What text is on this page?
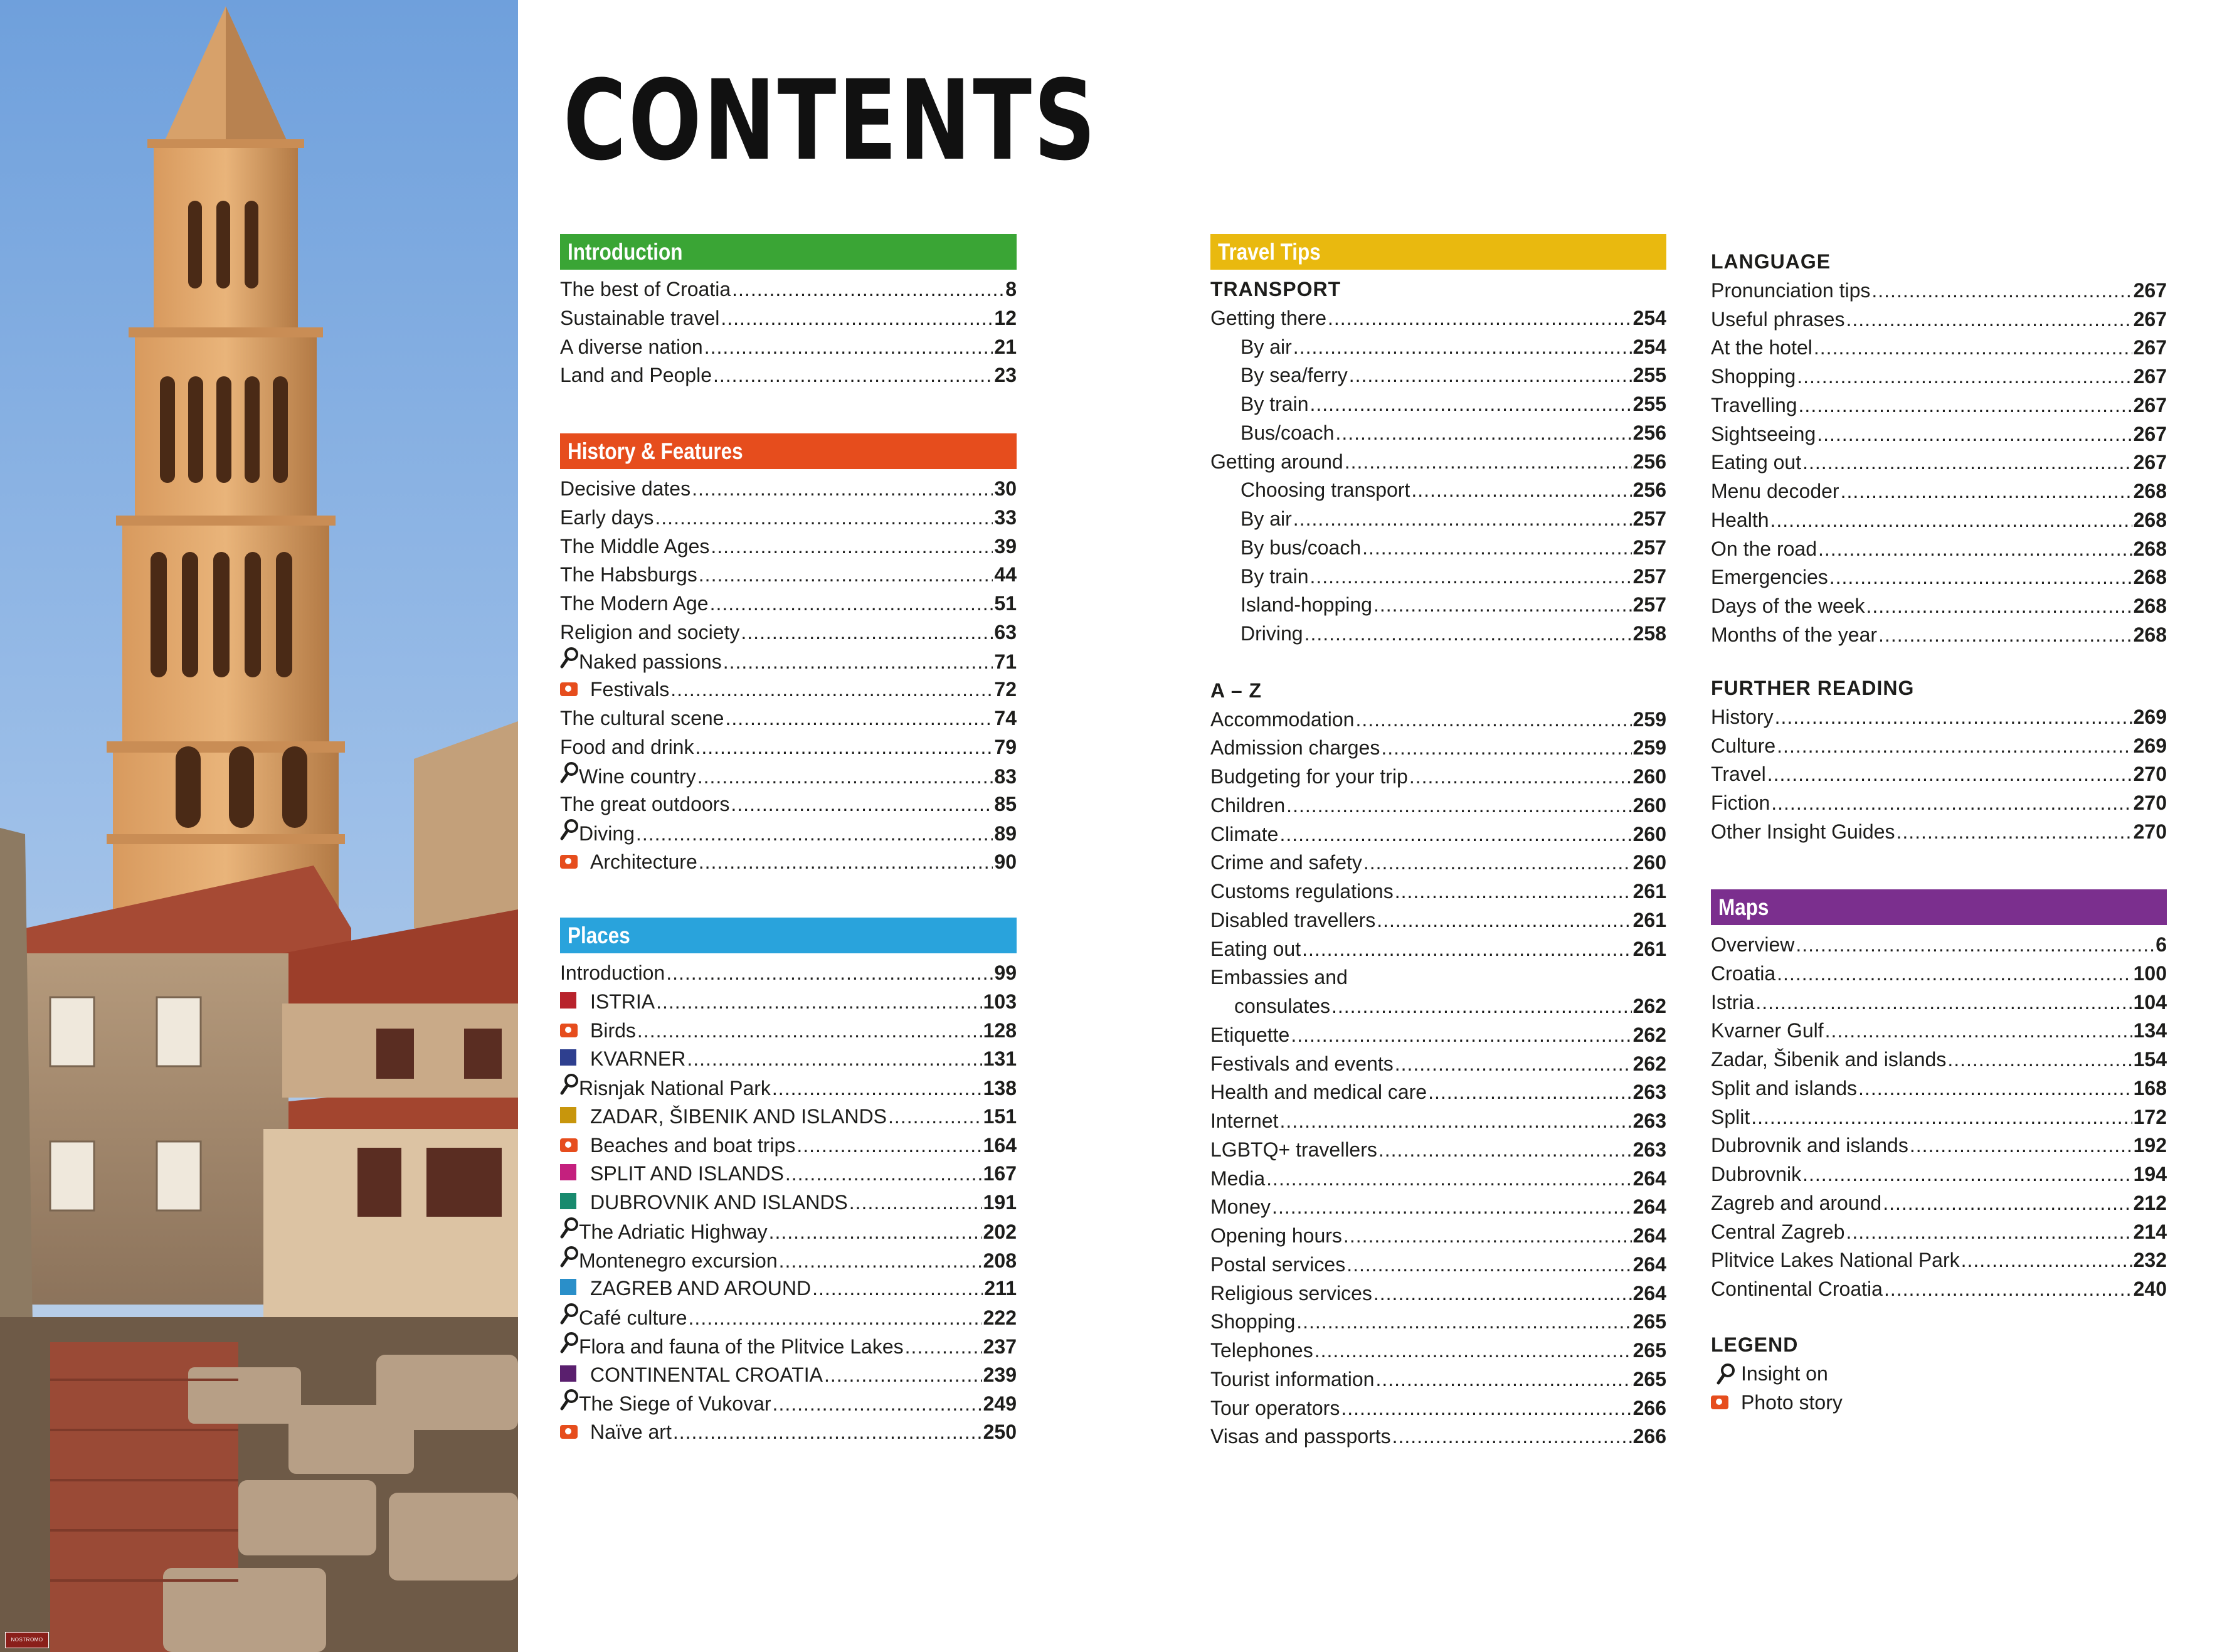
NOSTROMO
CONTENTS
Introduction
The best of Croatia .....	8
Sustainable travel .....	12
A diverse nation .....	21
Land and People .....	23
History & Features
Decisive dates .....	30
Early days .....	33
The Middle Ages .....	39
The Habsburgs .....	44
The Modern Age .....	51
Religion and society .....	63
Naked passions .....	71
Festivals .....	72
The cultural scene .....	74
Food and drink .....	79
Wine country .....	83
The great outdoors .....	85
Diving .....	89
Architecture .....	90
Places
Introduction .....	99
ISTRIA .....	103
Birds .....	128
KVARNER .....	131
Risnjak National Park .....	138
ZADAR, ŠIBENIK AND ISLANDS .....	151
Beaches and boat trips .....	164
SPLIT AND ISLANDS .....	167
DUBROVNIK AND ISLANDS .....	191
The Adriatic Highway .....	202
Montenegro excursion .....	208
ZAGREB AND AROUND .....	211
Café culture .....	222
Flora and fauna of the Plitvice Lakes .....	237
CONTINENTAL CROATIA .....	239
The Siege of Vukovar .....	249
Naïve art .....	250
Travel Tips
TRANSPORT
Getting there .....	254
By air .....	254
By sea/ferry .....	255
By train .....	255
Bus/coach .....	256
Getting around .....	256
Choosing transport .....	256
By air .....	257
By bus/coach .....	257
By train .....	257
Island-hopping .....	257
Driving .....	258
A – Z
Accommodation .....	259
Admission charges .....	259
Budgeting for your trip .....	260
Children .....	260
Climate .....	260
Crime and safety .....	260
Customs regulations .....	261
Disabled travellers .....	261
Eating out .....	261
Embassies and
consulates .....	262
Etiquette .....	262
Festivals and events .....	262
Health and medical care .....	263
Internet .....	263
LGBTQ+ travellers .....	263
Media .....	264
Money .....	264
Opening hours .....	264
Postal services .....	264
Religious services .....	264
Shopping .....	265
Telephones .....	265
Tourist information .....	265
Tour operators .....	266
Visas and passports .....	266
LANGUAGE
Pronunciation tips .....	267
Useful phrases .....	267
At the hotel .....	267
Shopping .....	267
Travelling .....	267
Sightseeing .....	267
Eating out .....	267
Menu decoder .....	268
Health .....	268
On the road .....	268
Emergencies .....	268
Days of the week .....	268
Months of the year .....	268
FURTHER READING
History .....	269
Culture .....	269
Travel .....	270
Fiction .....	270
Other Insight Guides .....	270
Maps
Overview .....	6
Croatia .....	100
Istria .....	104
Kvarner Gulf .....	134
Zadar, Šibenik and islands .....	154
Split and islands .....	168
Split .....	172
Dubrovnik and islands .....	192
Dubrovnik .....	194
Zagreb and around .....	212
Central Zagreb .....	214
Plitvice Lakes National Park .....	232
Continental Croatia .....	240
LEGEND
Insight on
Photo story
